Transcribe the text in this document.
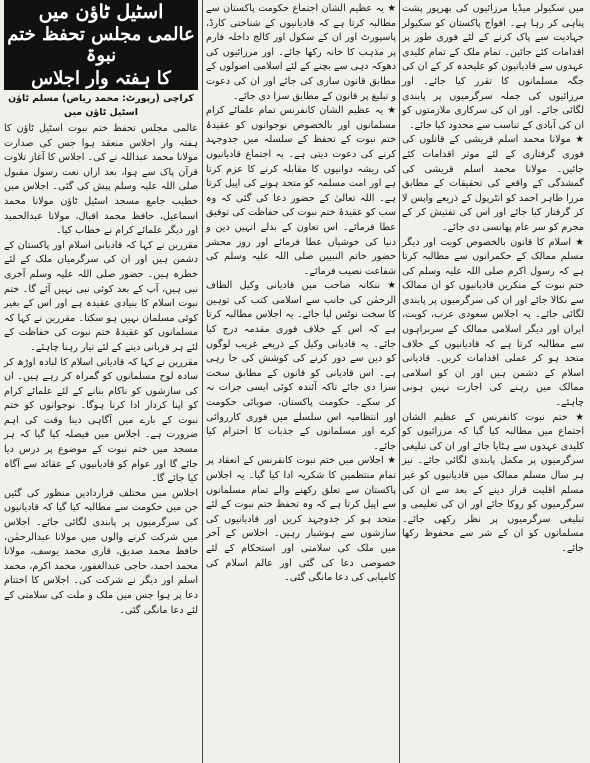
میں سکیولر میڈیا مرزائیوں کی بھرپور پشت پناہی کر رہا ہے۔ افواج پاکستان کو سکیولر جہادیت سے پاک کرنے کے لئے فوری طور پر اقدامات کئے جائیں۔ تمام ملک کے تمام کلیدی عہدوں سے قادیانیوں کو علیحدہ کر کے ان کی جگہ مسلمانوں کا تقرر کیا جائے۔ اور مرزائیوں کی جملہ سرگرمیوں پر پابندی لگائی جائے۔ اور ان کی سرکاری ملازمتوں کو ان کی آبادی کے تناسب سے محدود کیا جائے۔

★ مولانا محمد اسلم قریشی کے قاتلوں کی فوری گرفتاری کے لئے موثر اقدامات کئے جائیں۔ مولانا محمد اسلم قریشی کی گمشدگی کے واقعے کی تحقیقات کے مطابق مرزا طاہر احمد کو انٹرپول کے ذریعے واپس لا کر گرفتار کیا جائے اور اس کی تفتیش کر کے مجرم کو سر عام پھانسی دی جائے۔

★ اسلام کا قانون بالخصوص کویت اور دیگر مسلم ممالک کے حکمرانوں سے مطالبہ کرتا ہے کہ رسول اکرم صلی اللہ علیہ وسلم کی ختم نبوت کے منکرین قادیانیوں کو ان ممالک سے نکالا جائے اور ان کی سرگرمیوں پر پابندی لگائی جائے۔ یہ اجلاس سعودی عرب، کویت، ایران اور دیگر اسلامی ممالک کے سربراہوں سے مطالبہ کرتا ہے کہ قادیانیوں کے خلاف متحد ہو کر عملی اقدامات کریں۔ قادیانی اسلام کے دشمن ہیں اور ان کو اسلامی ممالک میں رہنے کی اجازت نہیں ہونی چاہئے۔

★ ختم نبوت کانفرنس کے عظیم الشان اجتماع میں مطالبہ کیا گیا کہ مرزائیوں کو کلیدی عہدوں سے ہٹایا جائے اور ان کی تبلیغی سرگرمیوں پر مکمل پابندی لگائی جائے۔ نیز ہر سال مسلم ممالک میں قادیانیوں کو غیر مسلم اقلیت قرار دینے کے بعد سے ان کی سرگرمیوں کو روکا جائے اور ان کی تعلیمی و تبلیغی سرگرمیوں پر نظر رکھی جائے۔ مسلمانوں کو ان کے شر سے محفوظ رکھا جائے۔

★ یہ عظیم الشان اجتماع حکومت پاکستان سے مطالبہ کرتا ہے کہ قادیانیوں کے شناختی کارڈ، پاسپورٹ اور ان کے سکول اور کالج داخلہ فارم پر مذہب کا خانہ رکھا جائے۔ اور مرزائیوں کی دھوکہ دہی سے بچنے کے لئے اسلامی اصولوں کے مطابق قانون سازی کی جائے اور ان کی دعوت و تبلیغ پر قانون کے مطابق سزا دی جائے۔

★ یہ عظیم الشان کانفرنس تمام علمائے کرام مسلمانوں اور بالخصوص نوجوانوں کو عقیدۂ ختم نبوت کے تحفظ کے سلسلہ میں جدوجہد کرنے کی دعوت دیتی ہے۔ یہ اجتماع قادیانیوں کی ریشہ دوانیوں کا مقابلہ کرنے کا عزم کرتا ہے اور امت مسلمہ کو متحد ہونے کی اپیل کرتا ہے۔ اللہ تعالیٰ کے حضور دعا کی گئی کہ وہ سب کو عقیدۂ ختم نبوت کی حفاظت کی توفیق عطا فرمائے۔ اس تعاون کے بدلے انہیں دین و دنیا کی خوشیاں عطا فرمائے اور روز محشر حضور خاتم النبیین صلی اللہ علیہ وسلم کی شفاعت نصیب فرمائے۔

★ ننکانہ صاحب میں قادیانی وکیل الطاف الرحمٰن کی جانب سے اسلامی کتب کی توہین کا سخت نوٹس لیا جائے۔ یہ اجلاس مطالبہ کرتا ہے کہ اس کے خلاف فوری مقدمہ درج کیا جائے۔ یہ قادیانی وکیل کے ذریعے غریب لوگوں کو دین سے دور کرنے کی کوشش کی جا رہی ہے۔ اس قادیانی کو قانون کے مطابق سخت سزا دی جائے تاکہ آئندہ کوئی ایسی جرات نہ کر سکے۔ حکومت پاکستان، صوبائی حکومت اور انتظامیہ اس سلسلے میں فوری کارروائی کرے اور مسلمانوں کے جذبات کا احترام کیا جائے۔

★ اجلاس میں ختم نبوت کانفرنس کے انعقاد پر تمام منتظمین کا شکریہ ادا کیا گیا۔ یہ اجلاس پاکستان سے تعلق رکھنے والے تمام مسلمانوں سے اپیل کرتا ہے کہ وہ تحفظ ختم نبوت کے لئے متحد ہو کر جدوجہد کریں اور قادیانیوں کی سازشوں سے ہوشیار رہیں۔ اجلاس کے آخر میں ملک کی سلامتی اور استحکام کے لئے خصوصی دعا کی گئی اور عالم اسلام کی کامیابی کی دعا مانگی گئی۔

اسٹیل ٹاؤن میں
عالمی مجلس تحفظ ختم نبوۃ
کا ہفتہ وار اجلاس
کراچی (رپورٹ: محمد ریاض) مسلم ٹاؤن اسٹیل ٹاؤن میں

عالمی مجلس تحفظ ختم نبوت اسٹیل ٹاؤن کا ہفتہ وار اجلاس منعقد ہوا جس کی صدارت مولانا محمد عبداللہ نے کی۔ اجلاس کا آغاز تلاوت قرآن پاک سے ہوا، بعد ازاں نعت رسول مقبول صلی اللہ علیہ وسلم پیش کی گئی۔ اجلاس میں خطیب جامع مسجد اسٹیل ٹاؤن مولانا محمد اسماعیل، حافظ محمد اقبال، مولانا عبدالحمید اور دیگر علمائے کرام نے خطاب کیا۔

مقررین نے کہا کہ قادیانی اسلام اور پاکستان کے دشمن ہیں اور ان کی سرگرمیاں ملک کے لئے خطرہ ہیں۔ حضور صلی اللہ علیہ وسلم آخری نبی ہیں، آپ کے بعد کوئی نبی نہیں آئے گا۔ ختم نبوت اسلام کا بنیادی عقیدہ ہے اور اس کے بغیر کوئی مسلمان نہیں ہو سکتا۔ مقررین نے کہا کہ مسلمانوں کو عقیدۂ ختم نبوت کی حفاظت کے لئے ہر قربانی دینے کے لئے تیار رہنا چاہئے۔

مقررین نے کہا کہ قادیانی اسلام کا لبادہ اوڑھ کر سادہ لوح مسلمانوں کو گمراہ کر رہے ہیں۔ ان کی سازشوں کو ناکام بنانے کے لئے علمائے کرام کو اپنا کردار ادا کرنا ہوگا۔ نوجوانوں کو ختم نبوت کے بارے میں آگاہی دینا وقت کی اہم ضرورت ہے۔ اجلاس میں فیصلہ کیا گیا کہ ہر مسجد میں ختم نبوت کے موضوع پر درس دیا جائے گا اور عوام کو قادیانیوں کے عقائد سے آگاہ کیا جائے گا۔

اجلاس میں مختلف قراردادیں منظور کی گئیں جن میں حکومت سے مطالبہ کیا گیا کہ قادیانیوں کی سرگرمیوں پر پابندی لگائی جائے۔ اجلاس میں شرکت کرنے والوں میں مولانا عبدالرحمٰن، حافظ محمد صدیق، قاری محمد یوسف، مولانا محمد احمد، حاجی عبدالغفور، محمد اکرم، محمد اسلم اور دیگر نے شرکت کی۔ اجلاس کا اختتام دعا پر ہوا جس میں ملک و ملت کی سلامتی کے لئے دعا مانگی گئی۔
